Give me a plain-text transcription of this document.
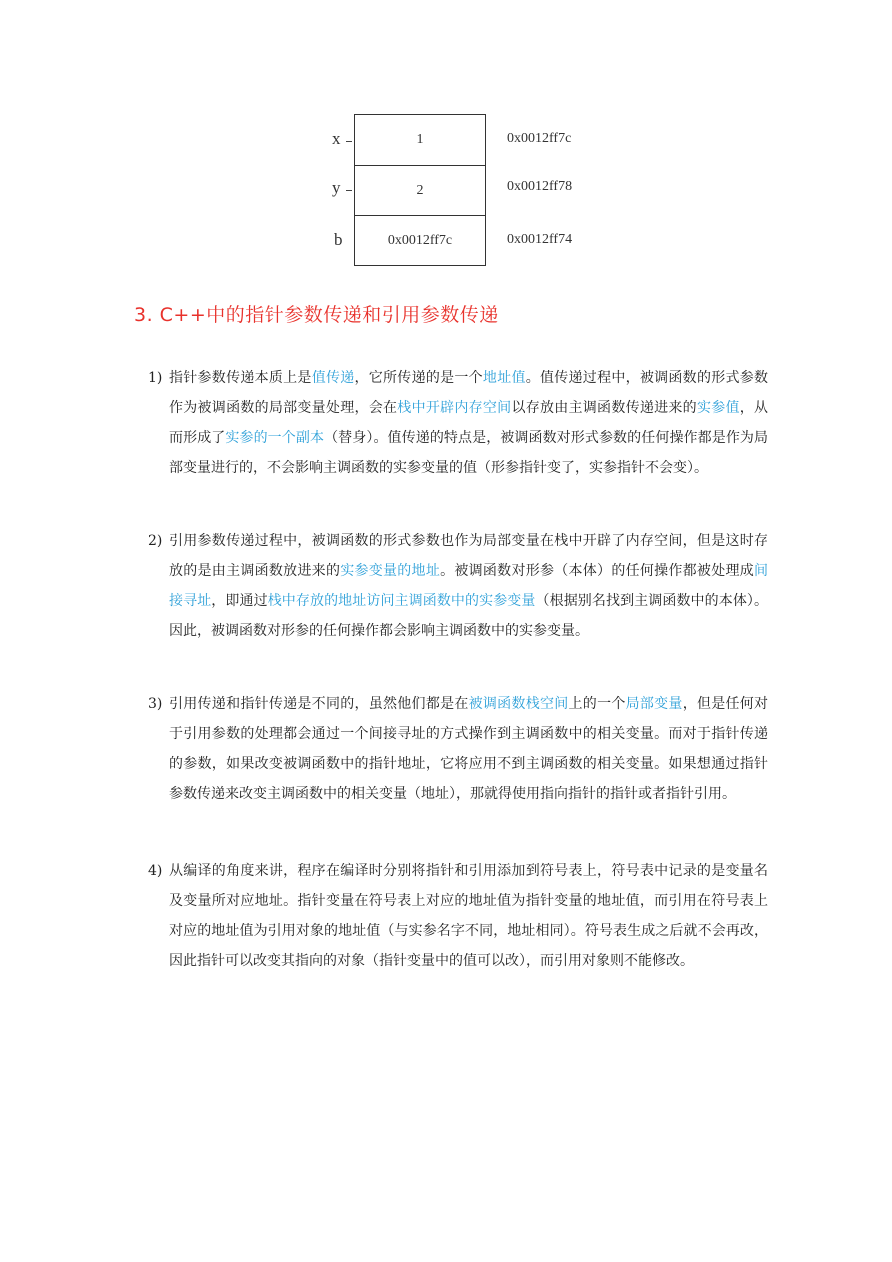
x	1	0x0012ff7c
y	2	0x0012ff78
b	0x0012ff7c	0x0012ff74
3. C++中的指针参数传递和引用参数传递
1) 指针参数传递本质上是值传递，它所传递的是一个地址值。值传递过程中，被调函数的形式参数作为被调函数的局部变量处理，会在栈中开辟内存空间以存放由主调函数传递进来的实参值，从而形成了实参的一个副本（替身）。值传递的特点是，被调函数对形式参数的任何操作都是作为局部变量进行的，不会影响主调函数的实参变量的值（形参指针变了，实参指针不会变）。
2) 引用参数传递过程中，被调函数的形式参数也作为局部变量在栈中开辟了内存空间，但是这时存放的是由主调函数放进来的实参变量的地址。被调函数对形参（本体）的任何操作都被处理成间接寻址，即通过栈中存放的地址访问主调函数中的实参变量（根据别名找到主调函数中的本体）。因此，被调函数对形参的任何操作都会影响主调函数中的实参变量。
3) 引用传递和指针传递是不同的，虽然他们都是在被调函数栈空间上的一个局部变量，但是任何对于引用参数的处理都会通过一个间接寻址的方式操作到主调函数中的相关变量。而对于指针传递的参数，如果改变被调函数中的指针地址，它将应用不到主调函数的相关变量。如果想通过指针参数传递来改变主调函数中的相关变量（地址），那就得使用指向指针的指针或者指针引用。
4) 从编译的角度来讲，程序在编译时分别将指针和引用添加到符号表上，符号表中记录的是变量名及变量所对应地址。指针变量在符号表上对应的地址值为指针变量的地址值，而引用在符号表上对应的地址值为引用对象的地址值（与实参名字不同，地址相同）。符号表生成之后就不会再改，因此指针可以改变其指向的对象（指针变量中的值可以改），而引用对象则不能修改。
